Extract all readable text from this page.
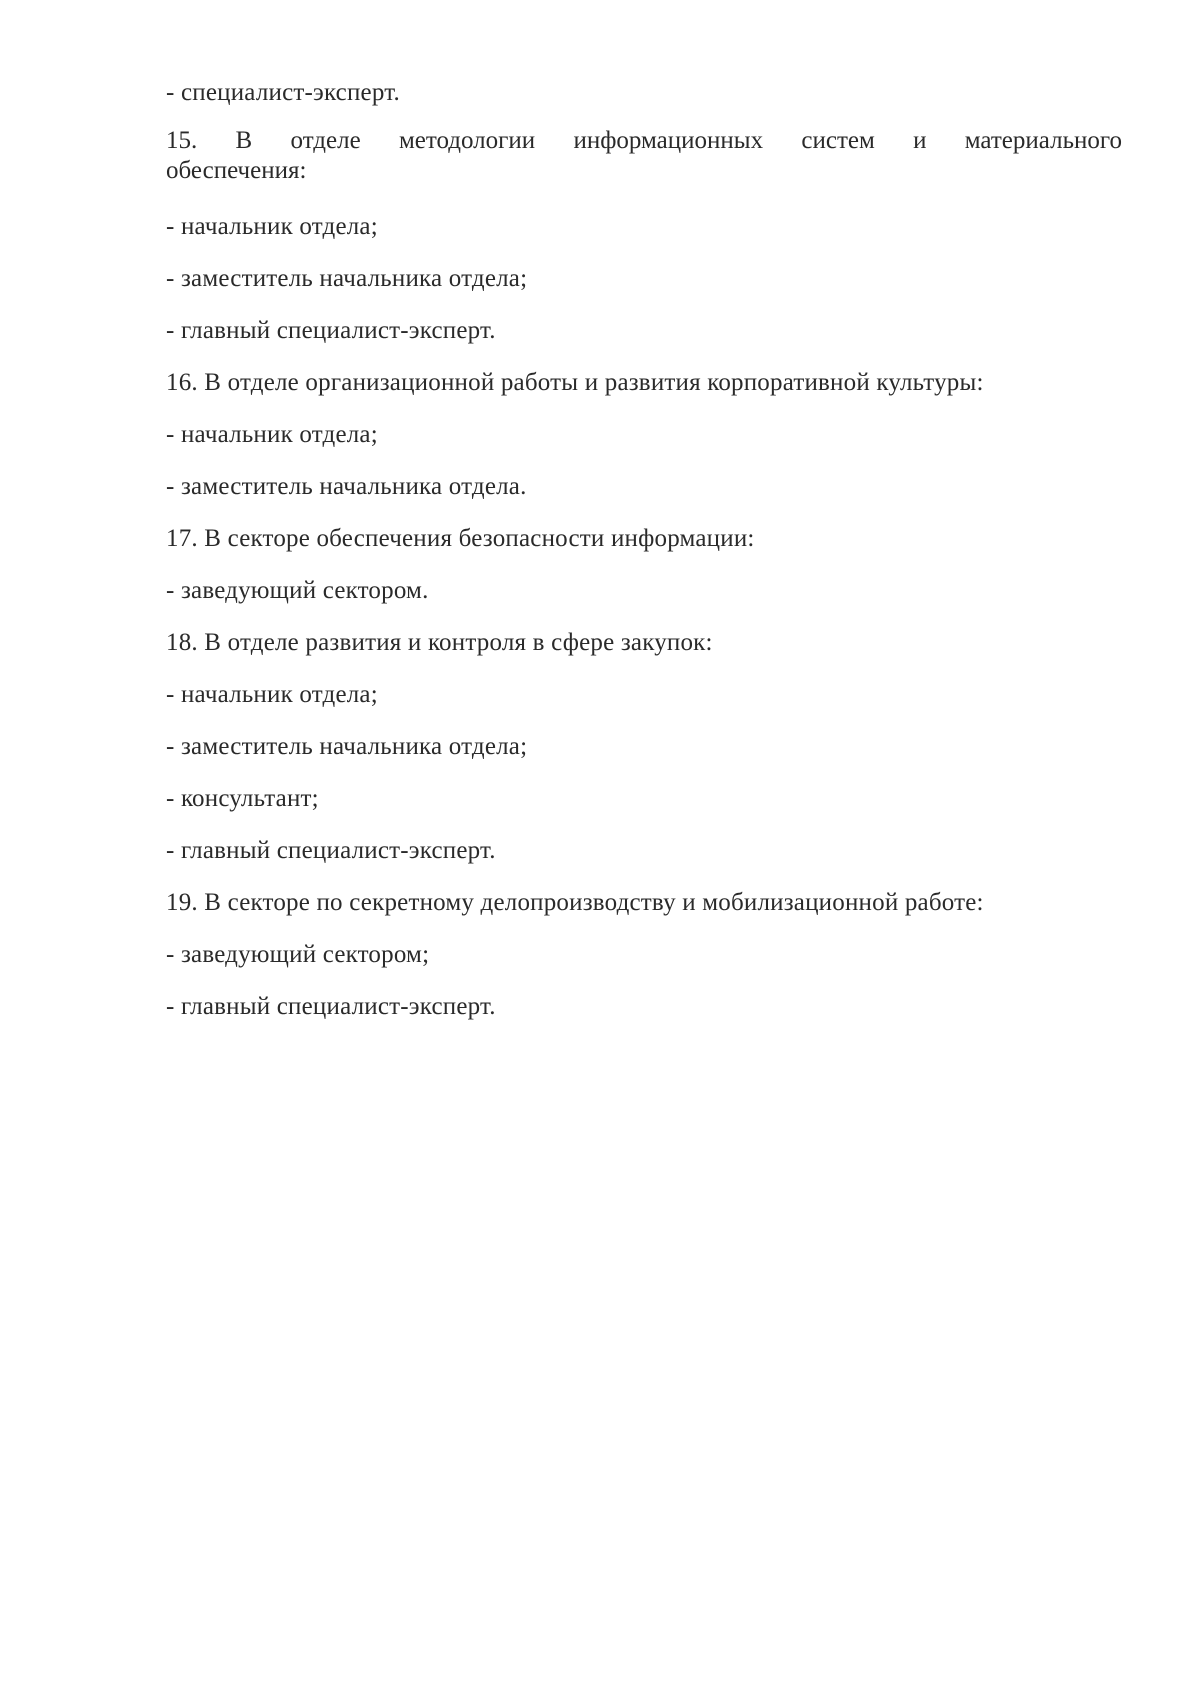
- специалист-эксперт.
15. В отделе методологии информационных систем и материального
обеспечения:
- начальник отдела;
- заместитель начальника отдела;
- главный специалист-эксперт.
16. В отделе организационной работы и развития корпоративной культуры:
- начальник отдела;
- заместитель начальника отдела.
17. В секторе обеспечения безопасности информации:
- заведующий сектором.
18. В отделе развития и контроля в сфере закупок:
- начальник отдела;
- заместитель начальника отдела;
- консультант;
- главный специалист-эксперт.
19. В секторе по секретному делопроизводству и мобилизационной работе:
- заведующий сектором;
- главный специалист-эксперт.
